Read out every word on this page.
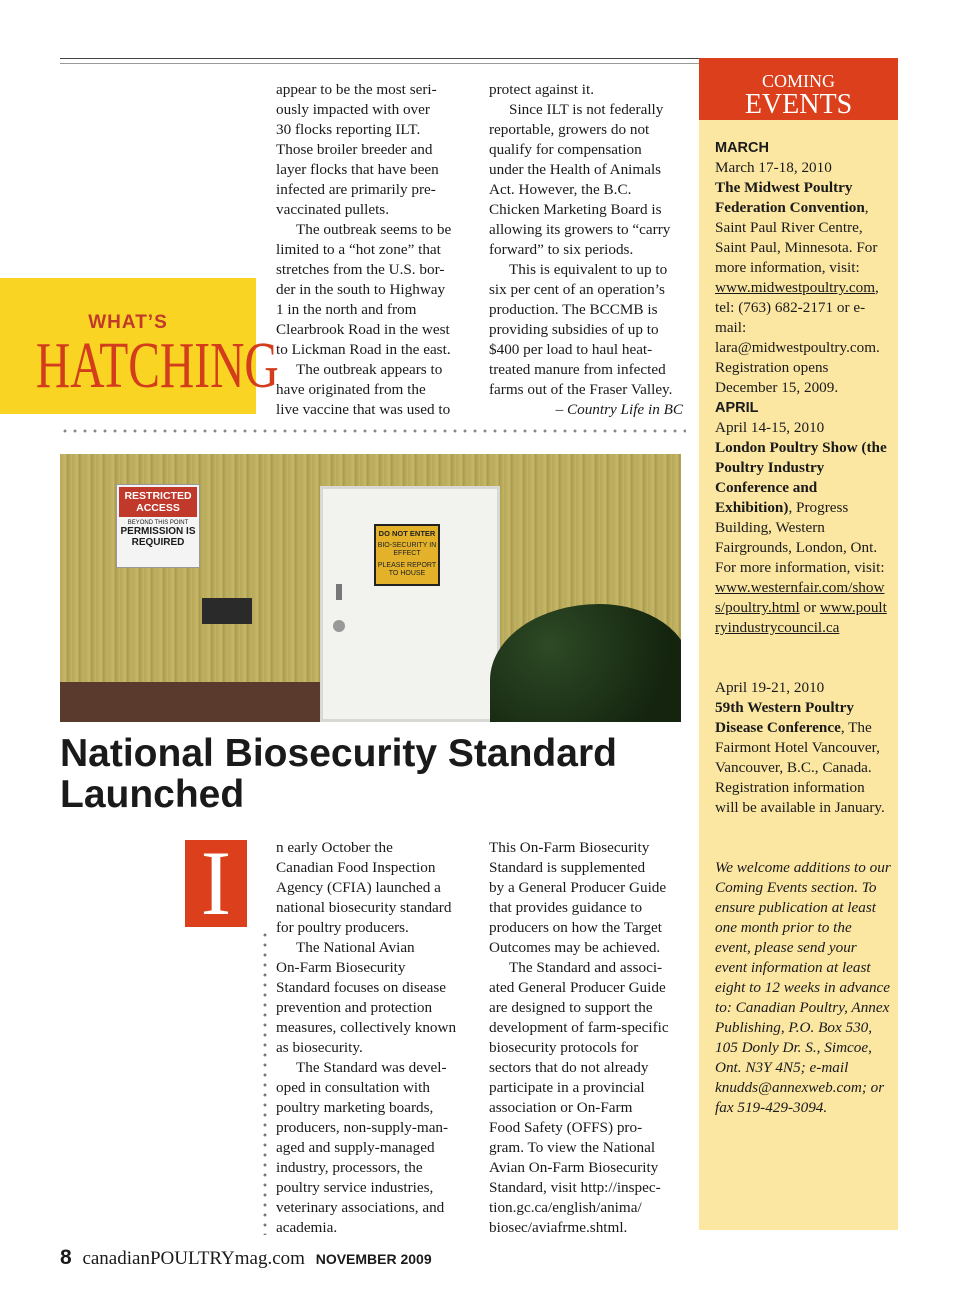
appear to be the most seri-

ously impacted with over

30 flocks reporting ILT.

Those broiler breeder and

layer flocks that have been

infected are primarily pre-

vaccinated pullets.

The outbreak seems to be

limited to a “hot zone” that

stretches from the U.S. bor-

der in the south to Highway

1 in the north and from

Clearbrook Road in the west

to Lickman Road in the east.

The outbreak appears to

have originated from the

live vaccine that was used to

protect against it.

Since ILT is not federally

reportable, growers do not

qualify for compensation

under the Health of Animals

Act. However, the B.C.

Chicken Marketing Board is

allowing its growers to “carry

forward” to six periods.

This is equivalent to up to

six per cent of an operation’s

production. The BCCMB is

providing subsidies of up to

$400 per load to haul heat-

treated manure from infected

farms out of the Fraser Valley.

– Country Life in BC
WHAT’S
HATCHING
RESTRICTED ACCESS
BEYOND THIS POINT
PERMISSION IS REQUIRED
DO NOT ENTER
BIO-SECURITY IN EFFECT
PLEASE REPORT TO HOUSE
National Biosecurity Standard
Launched
I	n early October the

Canadian Food Inspection

Agency (CFIA) launched a

national biosecurity standard

for poultry producers.

The National Avian

On-Farm Biosecurity

Standard focuses on disease

prevention and protection

measures, collectively known

as biosecurity.

The Standard was devel-

oped in consultation with

poultry marketing boards,

producers, non-supply-man-

aged and supply-managed

industry, processors, the

poultry service industries,

veterinary associations, and

academia.

This On-Farm Biosecurity

Standard is supplemented

by a General Producer Guide

that provides guidance to

producers on how the Target

Outcomes may be achieved.

The Standard and associ-

ated General Producer Guide

are designed to support the

development of farm-specific

biosecurity protocols for

sectors that do not already

participate in a provincial

association or On-Farm

Food Safety (OFFS) pro-

gram. To view the National

Avian On-Farm Biosecurity

Standard, visit http://inspec-

tion.gc.ca/english/anima/

biosec/aviafrme.shtml.

COMING
EVENTS

MARCH

March 17-18, 2010

The Midwest Poultry Federation Convention, Saint Paul River Centre, Saint Paul, Minnesota. For more information, visit: www.midwestpoultry.com, tel: (763) 682-2171 or e-mail: lara@midwestpoultry.com. Registration opens December 15, 2009.

APRIL

April 14-15, 2010

London Poultry Show (the Poultry Industry Conference and Exhibition), Progress Building, Western Fairgrounds, London, Ont. For more information, visit: www.westernfair.com/shows/poultry.html or www.poultryindustrycouncil.ca

April 19-21, 2010

59th Western Poultry Disease Conference, The Fairmont Hotel Vancouver, Vancouver, B.C., Canada. Registration information will be available in January.

We welcome additions to our Coming Events section. To ensure publication at least one month prior to the event, please send your event information at least eight to 12 weeks in advance to: Canadian Poultry, Annex Publishing, P.O. Box 530, 105 Donly Dr. S., Simcoe, Ont. N3Y 4N5; e-mail knudds@annexweb.com; or fax 519-429-3094.

8 canadianPOULTRYmag.com NOVEMBER 2009
